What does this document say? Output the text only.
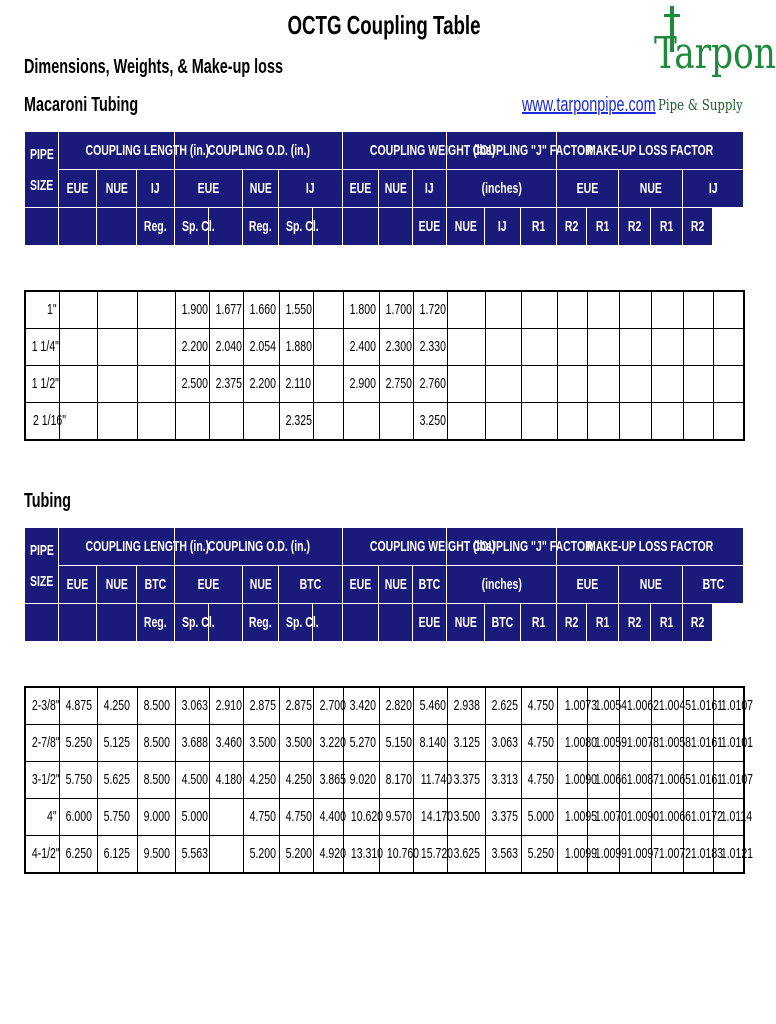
OCTG Coupling Table
Dimensions, Weights, & Make-up loss
Macaroni Tubing
Tubing
www.tarponpipe.com
Tarpon
Pipe & Supply
PIPE
SIZE	COUPLING LENGTH (in.)			COUPLING O.D. (in.)					COUPLING WEIGHT (lbs)			COUPLING "J" FACTOR			MAKE-UP LOSS FACTOR				
	EUE	NUE	IJ	EUE		NUE	IJ		EUE	NUE	IJ	(inches)			EUE		NUE		IJ
			Reg.	Sp. Cl.		Reg.	Sp. Cl.				EUE	NUE	IJ	R1	R2	R1	R2	R1	R2
1"				1.900	1.677	1.660	1.550		1.800	1.700	1.720									
1 1/4"				2.200	2.040	2.054	1.880		2.400	2.300	2.330									
1 1/2"				2.500	2.375	2.200	2.110		2.900	2.750	2.760									
2 1/16"							2.325				3.250									
PIPE
SIZE	COUPLING LENGTH (in.)			COUPLING O.D. (in.)					COUPLING WEIGHT (lbs)			COUPLING "J" FACTOR			MAKE-UP LOSS FACTOR				
	EUE	NUE	BTC	EUE		NUE	BTC		EUE	NUE	BTC	(inches)			EUE		NUE		BTC
			Reg.	Sp. Cl.		Reg.	Sp. Cl.				EUE	NUE	BTC	R1	R2	R1	R2	R1	R2
2-3/8"	4.875	4.250	8.500	3.063	2.910	2.875	2.875	2.700	3.420	2.820	5.460	2.938	2.625	4.750	1.0073	1.0054	1.0062	1.0045	1.0161	1.0107
2-7/8"	5.250	5.125	8.500	3.688	3.460	3.500	3.500	3.220	5.270	5.150	8.140	3.125	3.063	4.750	1.0080	1.0059	1.0078	1.0058	1.0161	1.0101
3-1/2"	5.750	5.625	8.500	4.500	4.180	4.250	4.250	3.865	9.020	8.170	11.740	3.375	3.313	4.750	1.0090	1.0066	1.0087	1.0065	1.0161	1.0107
4"	6.000	5.750	9.000	5.000		4.750	4.750	4.400	10.620	9.570	14.170	3.500	3.375	5.000	1.0095	1.0070	1.0090	1.0066	1.0172	1.0114
4-1/2"	6.250	6.125	9.500	5.563		5.200	5.200	4.920	13.310	10.760	15.720	3.625	3.563	5.250	1.0099	1.0099	1.0097	1.0072	1.0183	1.0121
